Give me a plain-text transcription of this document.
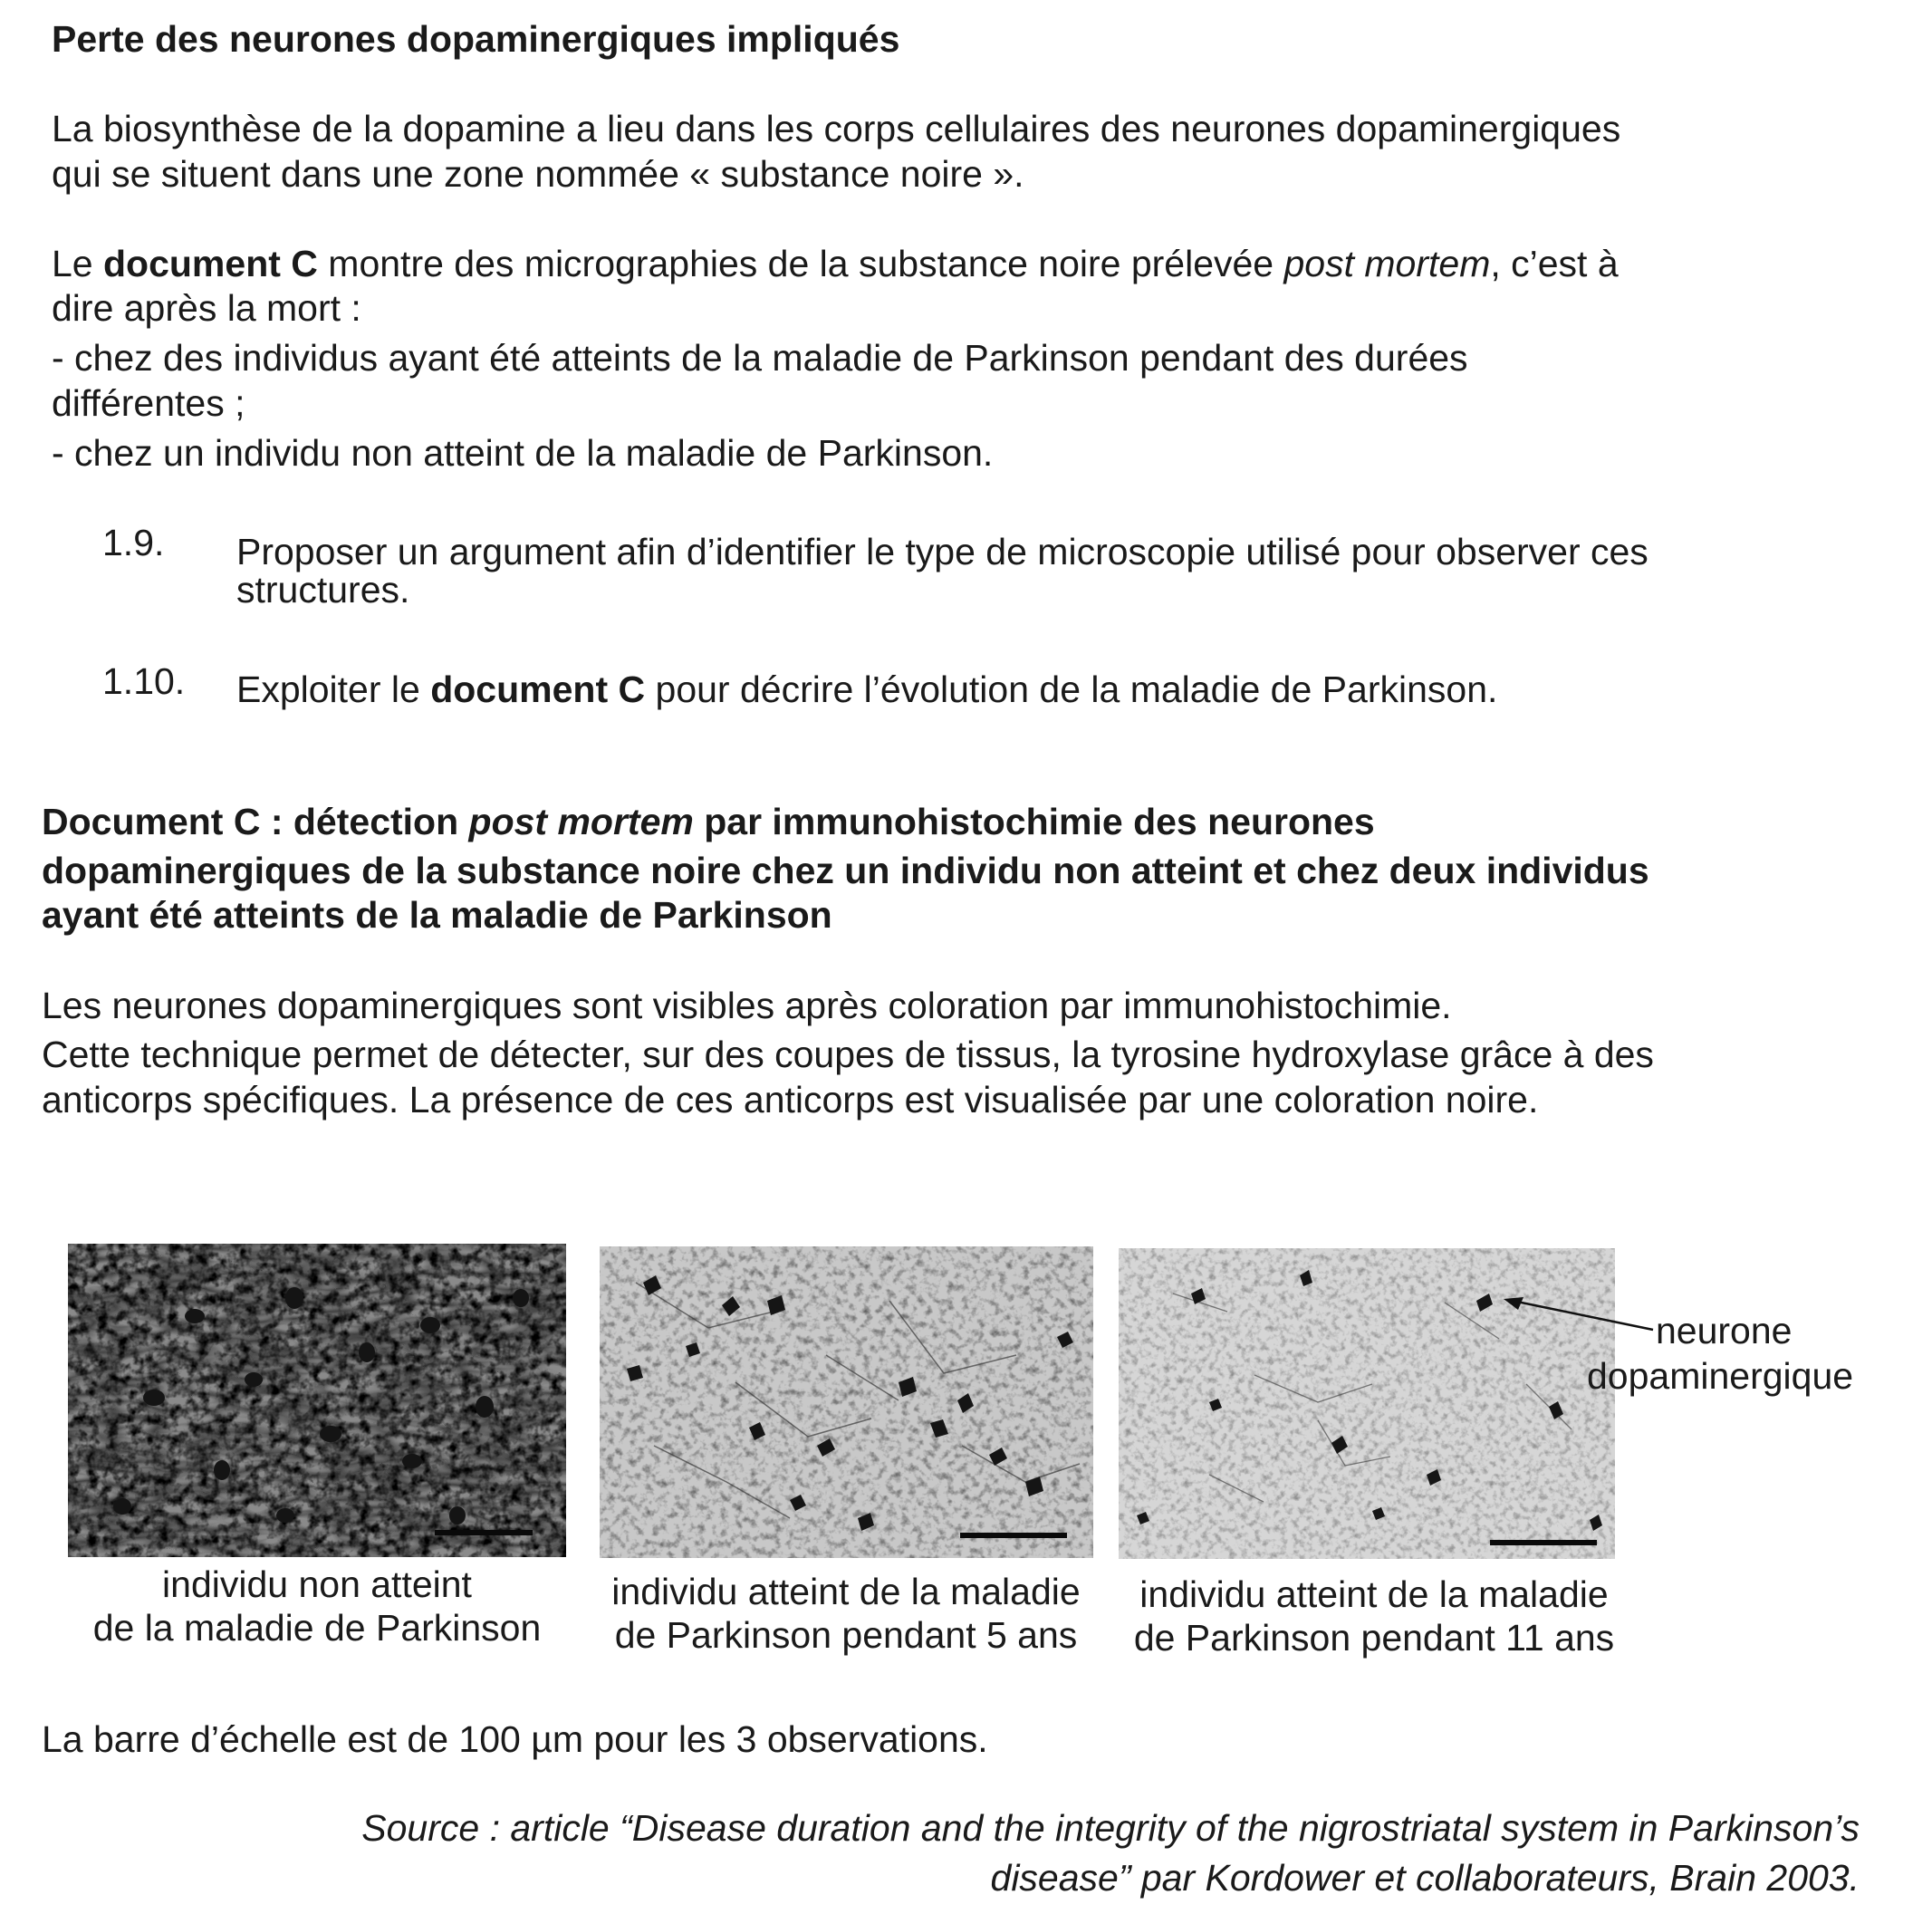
Perte des neurones dopaminergiques impliqués
La biosynthèse de la dopamine a lieu dans les corps cellulaires des neurones dopaminergiques
qui se situent dans une zone nommée « substance noire ».
Le document C montre des micrographies de la substance noire prélevée post mortem, c’est à
dire après la mort :
- chez des individus ayant été atteints de la maladie de Parkinson pendant des durées
différentes ;
- chez un individu non atteint de la maladie de Parkinson.
1.9. Proposer un argument afin d’identifier le type de microscopie utilisé pour observer ces
structures.
1.10. Exploiter le document C pour décrire l’évolution de la maladie de Parkinson.
Document C : détection post mortem par immunohistochimie des neurones
dopaminergiques de la substance noire chez un individu non atteint et chez deux individus
ayant été atteints de la maladie de Parkinson
Les neurones dopaminergiques sont visibles après coloration par immunohistochimie.
Cette technique permet de détecter, sur des coupes de tissus, la tyrosine hydroxylase grâce à des
anticorps spécifiques. La présence de ces anticorps est visualisée par une coloration noire.
neurone
dopaminergique
individu non atteint
de la maladie de Parkinson
individu atteint de la maladie
de Parkinson pendant 5 ans
individu atteint de la maladie
de Parkinson pendant 11 ans
La barre d’échelle est de 100 µm pour les 3 observations.
Source : article “Disease duration and the integrity of the nigrostriatal system in Parkinson’s
disease” par Kordower et collaborateurs, Brain 2003.
